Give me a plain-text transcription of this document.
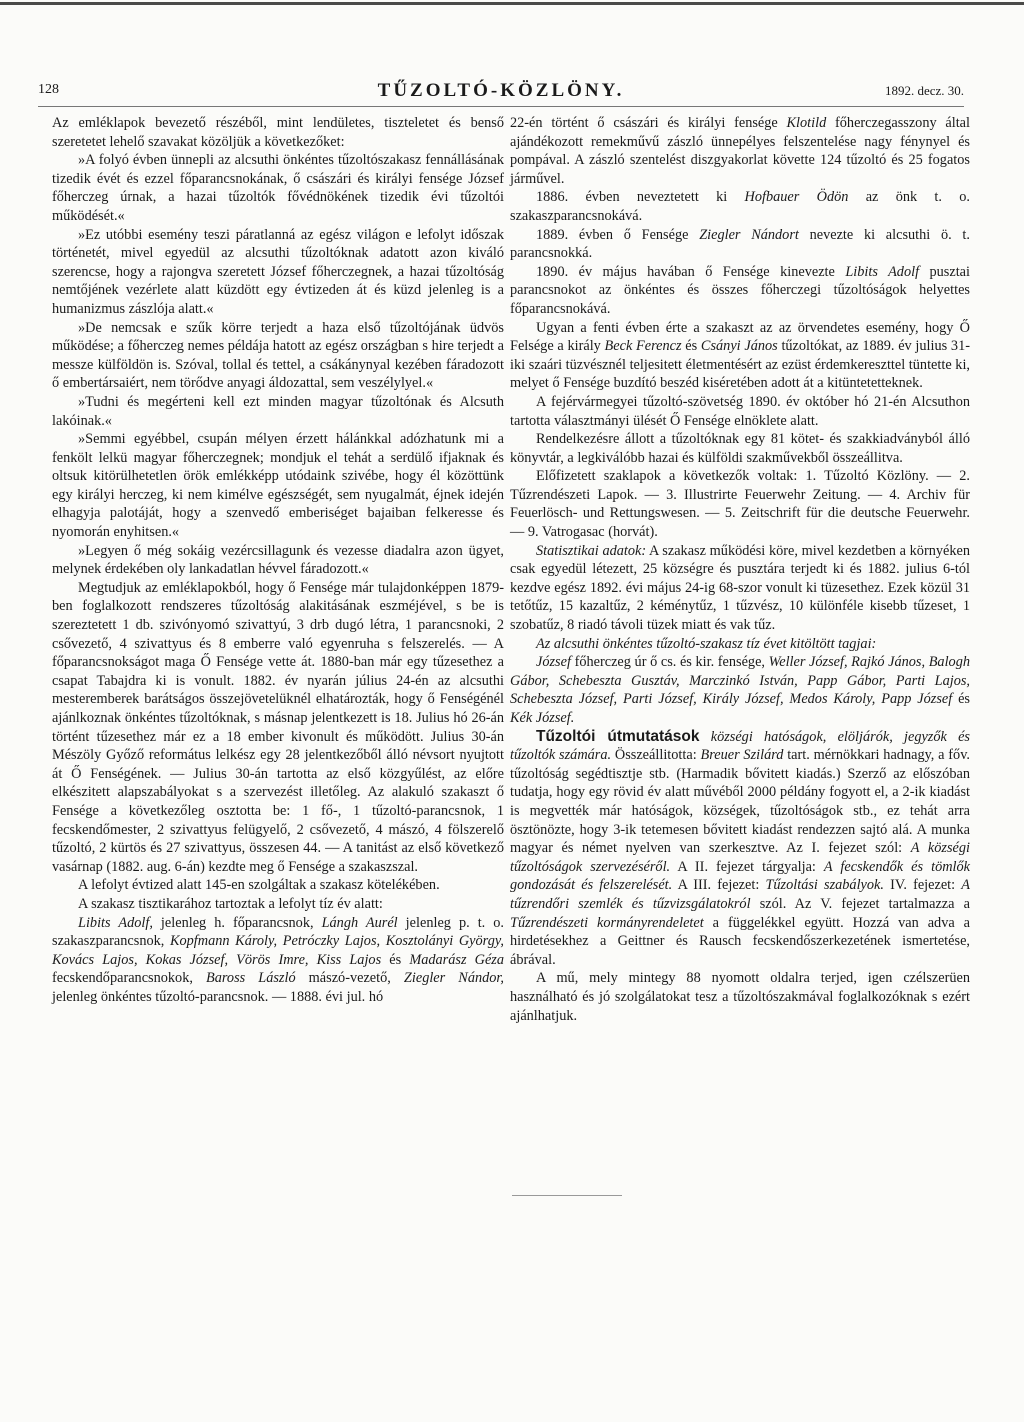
128	TŰZOLTÓ-KÖZLÖNY.	1892. decz. 30.

Az emléklapok bevezető részéből, mint lendületes, tiszteletet és benső szeretetet lehelő szavakat közöljük a következőket:

»A folyó évben ünnepli az alcsuthi önkéntes tűzoltószakasz fennállásának tizedik évét és ezzel főparancsnokának, ő császári és királyi fensége József főherczeg úrnak, a hazai tűzoltók fővédnökének tizedik évi tűzoltói működését.«

»Ez utóbbi esemény teszi páratlanná az egész világon e lefolyt időszak történetét, mivel egyedül az alcsuthi tűzoltóknak adatott azon kiváló szerencse, hogy a rajongva szeretett József főherczegnek, a hazai tűzoltóság nemtőjének vezérlete alatt küzdött egy évtizeden át és küzd jelenleg is a humanizmus zászlója alatt.«

»De nemcsak e szűk körre terjedt a haza első tűzoltójának üdvös működése; a főherczeg nemes példája hatott az egész országban s hire terjedt a messze külföldön is. Szóval, tollal és tettel, a csákánynyal kezében fáradozott ő embertársaiért, nem törődve anyagi áldozattal, sem veszélylyel.«

»Tudni és megérteni kell ezt minden magyar tűzoltónak és Alcsuth lakóinak.«

»Semmi egyébbel, csupán mélyen érzett hálánkkal adózhatunk mi a fenkölt lelkü magyar főherczegnek; mondjuk el tehát a serdülő ifjaknak és oltsuk kitörülhetetlen örök emlékképp utódaink szivébe, hogy él közöttünk egy királyi herczeg, ki nem kimélve egészségét, sem nyugalmát, éjnek idején elhagyja palotáját, hogy a szenvedő emberiséget bajaiban felkeresse és nyomorán enyhitsen.«

»Legyen ő még sokáig vezércsillagunk és vezesse diadalra azon ügyet, melynek érdekében oly lankadatlan hévvel fáradozott.«

Megtudjuk az emléklapokból, hogy ő Fensége már tulajdonképpen 1879-ben foglalkozott rendszeres tűzoltóság alakitásának eszméjével, s be is szereztetett 1 db. szivónyomó szivattyú, 3 drb dugó létra, 1 parancsnoki, 2 csővezető, 4 szivattyus és 8 emberre való egyenruha s felszerelés. — A főparancsnokságot maga Ő Fensége vette át. 1880-ban már egy tűzesethez a csapat Tabajdra ki is vonult. 1882. év nyarán július 24-én az alcsuthi mesteremberek barátságos összejövetelüknél elhatározták, hogy ő Fenségénél ajánlkoznak önkéntes tűzoltóknak, s másnap jelentkezett is 18. Julius hó 26-án történt tűzesethez már ez a 18 ember kivonult és működött. Julius 30-án Mészöly Győző református lelkész egy 28 jelentkezőből álló névsort nyujtott át Ő Fenségének. — Julius 30-án tartotta az első közgyűlést, az előre elkészitett alapszabályokat s a szervezést illetőleg. Az alakuló szakaszt ő Fensége a következőleg osztotta be: 1 fő-, 1 tűzoltó-parancsnok, 1 fecskendőmester, 2 szivattyus felügyelő, 2 csővezető, 4 mászó, 4 fölszerelő tűzoltó, 2 kürtös és 27 szivattyus, összesen 44. — A tanitást az első következő vasárnap (1882. aug. 6-án) kezdte meg ő Fensége a szakaszszal.

A lefolyt évtized alatt 145-en szolgáltak a szakasz kötelékében.

A szakasz tisztikarához tartoztak a lefolyt tíz év alatt:

Libits Adolf, jelenleg h. főparancsnok, Lángh Aurél jelenleg p. t. o. szakaszparancsnok, Kopfmann Károly, Petróczky Lajos, Kosztolányi György, Kovács Lajos, Kokas József, Vörös Imre, Kiss Lajos és Madarász Géza fecskendőparancsnokok, Baross László mászó-vezető, Ziegler Nándor, jelenleg önkéntes tűzoltó-parancsnok. — 1888. évi jul. hó

22-én történt ő császári és királyi fensége Klotild főherczegasszony által ajándékozott remekművű zászló ünnepélyes felszentelése nagy fénynyel és pompával. A zászló szentelést diszgyakorlat követte 124 tűzoltó és 25 fogatos járművel.

1886. évben neveztetett ki Hofbauer Ödön az önk t. o. szakaszparancsnokává.

1889. évben ő Fensége Ziegler Nándort nevezte ki alcsuthi ö. t. parancsnokká.

1890. év május havában ő Fensége kinevezte Libits Adolf pusztai parancsnokot az önkéntes és összes főherczegi tűzoltóságok helyettes főparancsnokává.

Ugyan a fenti évben érte a szakaszt az az örvendetes esemény, hogy Ő Felsége a király Beck Ferencz és Csányi János tűzoltókat, az 1889. év julius 31-iki szaári tüzvésznél teljesitett életmentésért az ezüst érdemkereszttel tüntette ki, melyet ő Fensége buzdító beszéd kiséretében adott át a kitüntetetteknek.

A fejérvármegyei tűzoltó-szövetség 1890. év október hó 21-én Alcsuthon tartotta választmányi ülését Ő Fensége elnöklete alatt.

Rendelkezésre állott a tűzoltóknak egy 81 kötet- és szakkiadványból álló könyvtár, a legkiválóbb hazai és külföldi szakművekből összeállitva.

Előfizetett szaklapok a következők voltak: 1. Tűzoltó Közlöny. — 2. Tűzrendészeti Lapok. — 3. Illustrirte Feuerwehr Zeitung. — 4. Archiv für Feuerlösch- und Rettungswesen. — 5. Zeitschrift für die deutsche Feuerwehr. — 9. Vatrogasac (horvát).

Statisztikai adatok: A szakasz működési köre, mivel kezdetben a környéken csak egyedül létezett, 25 községre és pusztára terjedt ki és 1882. julius 6-tól kezdve egész 1892. évi május 24-ig 68-szor vonult ki tüzesethez. Ezek közül 31 tetőtűz, 15 kazaltűz, 2 kéménytűz, 1 tűzvész, 10 különféle kisebb tűzeset, 1 szobatűz, 8 riadó távoli tüzek miatt és vak tűz.

Az alcsuthi önkéntes tűzoltó-szakasz tíz évet kitöltött tagjai:

József főherczeg úr ő cs. és kir. fensége, Weller József, Rajkó János, Balogh Gábor, Schebeszta Gusztáv, Marczinkó István, Papp Gábor, Parti Lajos, Schebeszta József, Parti József, Király József, Medos Károly, Papp József és Kék József.

Tűzoltói útmutatások községi hatóságok, elöljárók, jegyzők és tűzoltók számára. Összeállitotta: Breuer Szilárd tart. mérnökkari hadnagy, a főv. tűzoltóság segédtisztje stb. (Harmadik bővitett kiadás.) Szerző az előszóban tudatja, hogy egy rövid év alatt művéből 2000 példány fogyott el, a 2-ik kiadást is megvették már hatóságok, községek, tűzoltóságok stb., ez tehát arra ösztönözte, hogy 3-ik tetemesen bővitett kiadást rendezzen sajtó alá. A munka magyar és német nyelven van szerkesztve. Az I. fejezet szól: A községi tűzoltóságok szervezéséről. A II. fejezet tárgyalja: A fecskendők és tömlők gondozását és felszerelését. A III. fejezet: Tűzoltási szabályok. IV. fejezet: A tűzrendőri szemlék és tűzvizsgálatokról szól. Az V. fejezet tartalmazza a Tűzrendészeti kormányrendeletet a függelékkel együtt. Hozzá van adva a hirdetésekhez a Geittner és Rausch fecskendőszerkezetének ismertetése, ábrával.

A mű, mely mintegy 88 nyomott oldalra terjed, igen czélszerüen használható és jó szolgálatokat tesz a tűzoltószakmával foglalkozóknak s ezért ajánlhatjuk.
